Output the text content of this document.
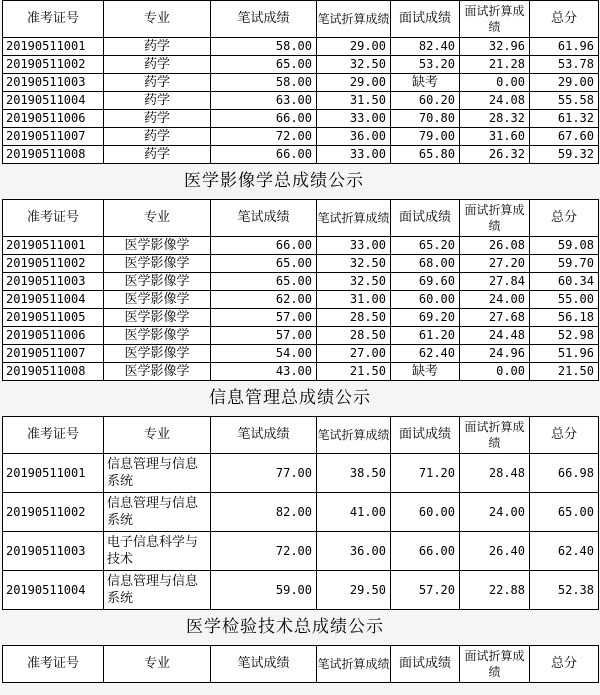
准考证号	专业	笔试成绩	笔试折算成绩	面试成绩	面试折算成绩	总分
20190511001	药学	58.00	29.00	82.40	32.96	61.96
20190511002	药学	65.00	32.50	53.20	21.28	53.78
20190511003	药学	58.00	29.00	缺考	0.00	29.00
20190511004	药学	63.00	31.50	60.20	24.08	55.58
20190511006	药学	66.00	33.00	70.80	28.32	61.32
20190511007	药学	72.00	36.00	79.00	31.60	67.60
20190511008	药学	66.00	33.00	65.80	26.32	59.32
医学影像学总成绩公示
准考证号	专业	笔试成绩	笔试折算成绩	面试成绩	面试折算成绩	总分
20190511001	医学影像学	66.00	33.00	65.20	26.08	59.08
20190511002	医学影像学	65.00	32.50	68.00	27.20	59.70
20190511003	医学影像学	65.00	32.50	69.60	27.84	60.34
20190511004	医学影像学	62.00	31.00	60.00	24.00	55.00
20190511005	医学影像学	57.00	28.50	69.20	27.68	56.18
20190511006	医学影像学	57.00	28.50	61.20	24.48	52.98
20190511007	医学影像学	54.00	27.00	62.40	24.96	51.96
20190511008	医学影像学	43.00	21.50	缺考	0.00	21.50
信息管理总成绩公示
准考证号	专业	笔试成绩	笔试折算成绩	面试成绩	面试折算成绩	总分
20190511001	信息管理与信息系统	77.00	38.50	71.20	28.48	66.98
20190511002	信息管理与信息系统	82.00	41.00	60.00	24.00	65.00
20190511003	电子信息科学与技术	72.00	36.00	66.00	26.40	62.40
20190511004	信息管理与信息系统	59.00	29.50	57.20	22.88	52.38
医学检验技术总成绩公示
准考证号	专业	笔试成绩	笔试折算成绩	面试成绩	面试折算成绩	总分
